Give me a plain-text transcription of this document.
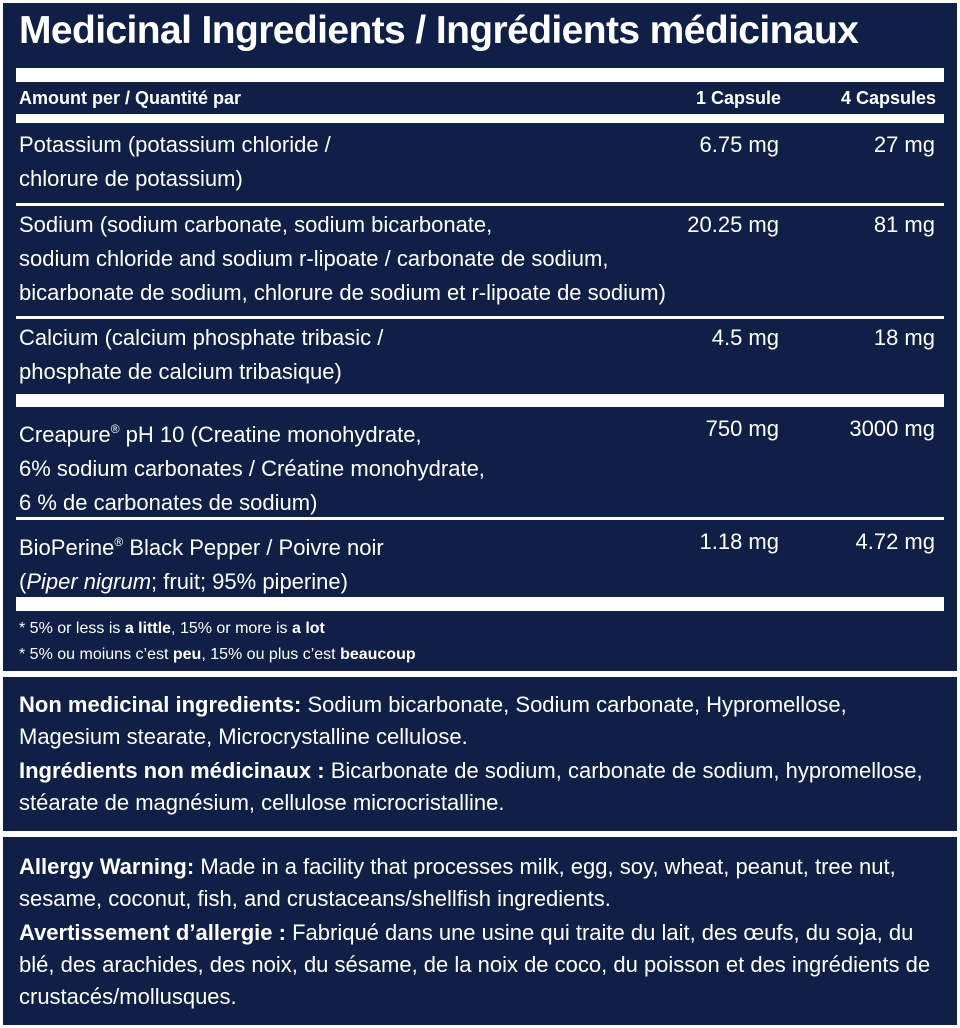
Medicinal Ingredients / Ingrédients médicinaux
Amount per / Quantité par	1 Capsule	4 Capsules
Potassium (potassium chloride /
chlorure de potassium)
6.75 mg	27 mg
Sodium (sodium carbonate, sodium bicarbonate,
sodium chloride and sodium r-lipoate / carbonate de sodium,
bicarbonate de sodium, chlorure de sodium et r-lipoate de sodium)
20.25 mg	81 mg
Calcium (calcium phosphate tribasic /
phosphate de calcium tribasique)
4.5 mg	18 mg
Creapure® pH 10 (Creatine monohydrate,
6% sodium carbonates / Créatine monohydrate,
6 % de carbonates de sodium)
750 mg	3000 mg
BioPerine® Black Pepper / Poivre noir
(Piper nigrum; fruit; 95% piperine)
1.18 mg	4.72 mg
* 5% or less is a little, 15% or more is a lot
* 5% ou moiuns c’est peu, 15% ou plus c’est beaucoup
Non medicinal ingredients: Sodium bicarbonate, Sodium carbonate, Hypromellose, Magesium stearate, Microcrystalline cellulose.
Ingrédients non médicinaux : Bicarbonate de sodium, carbonate de sodium, hypromellose, stéarate de magnésium, cellulose microcristalline.
Allergy Warning: Made in a facility that processes milk, egg, soy, wheat, peanut, tree nut, sesame, coconut, fish, and crustaceans/shellfish ingredients.
Avertissement d’allergie : Fabriqué dans une usine qui traite du lait, des œufs, du soja, du blé, des arachides, des noix, du sésame, de la noix de coco, du poisson et des ingrédients de crustacés/mollusques.
